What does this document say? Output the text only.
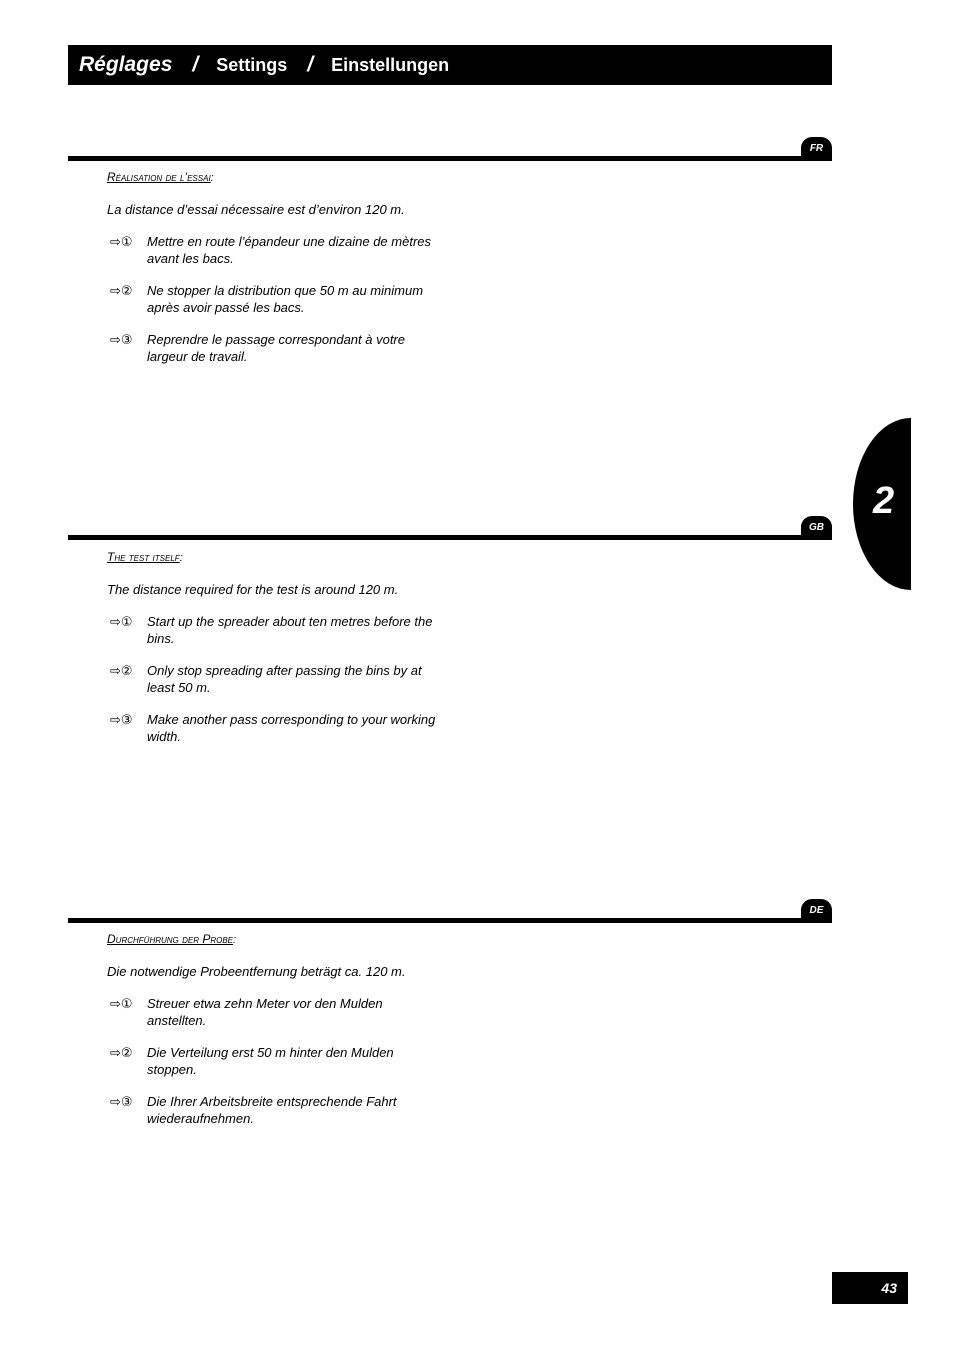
Réglages / Settings / Einstellungen
FR

Réalisation de l’essai:

La distance d’essai nécessaire est d’environ 120 m.
⇨①	Mettre en route l’épandeur une dizaine de mètres avant les bacs.
⇨②	Ne stopper la distribution que 50 m au minimum après avoir passé les bacs.
⇨③	Reprendre le passage correspondant à votre largeur de travail.
GB

The test itself:

The distance required for the test is around 120 m.
⇨①	Start up the spreader about ten metres before the bins.
⇨②	Only stop spreading after passing the bins by at least 50 m.
⇨③	Make another pass corresponding to your working width.
DE

Durchführung der Probe:

Die notwendige Probeentfernung beträgt ca. 120 m.
⇨①	Streuer etwa zehn Meter vor den Mulden anstellten.
⇨②	Die Verteilung erst 50 m hinter den Mulden stoppen.
⇨③	Die Ihrer Arbeitsbreite entsprechende Fahrt wiederaufnehmen.
2
43
